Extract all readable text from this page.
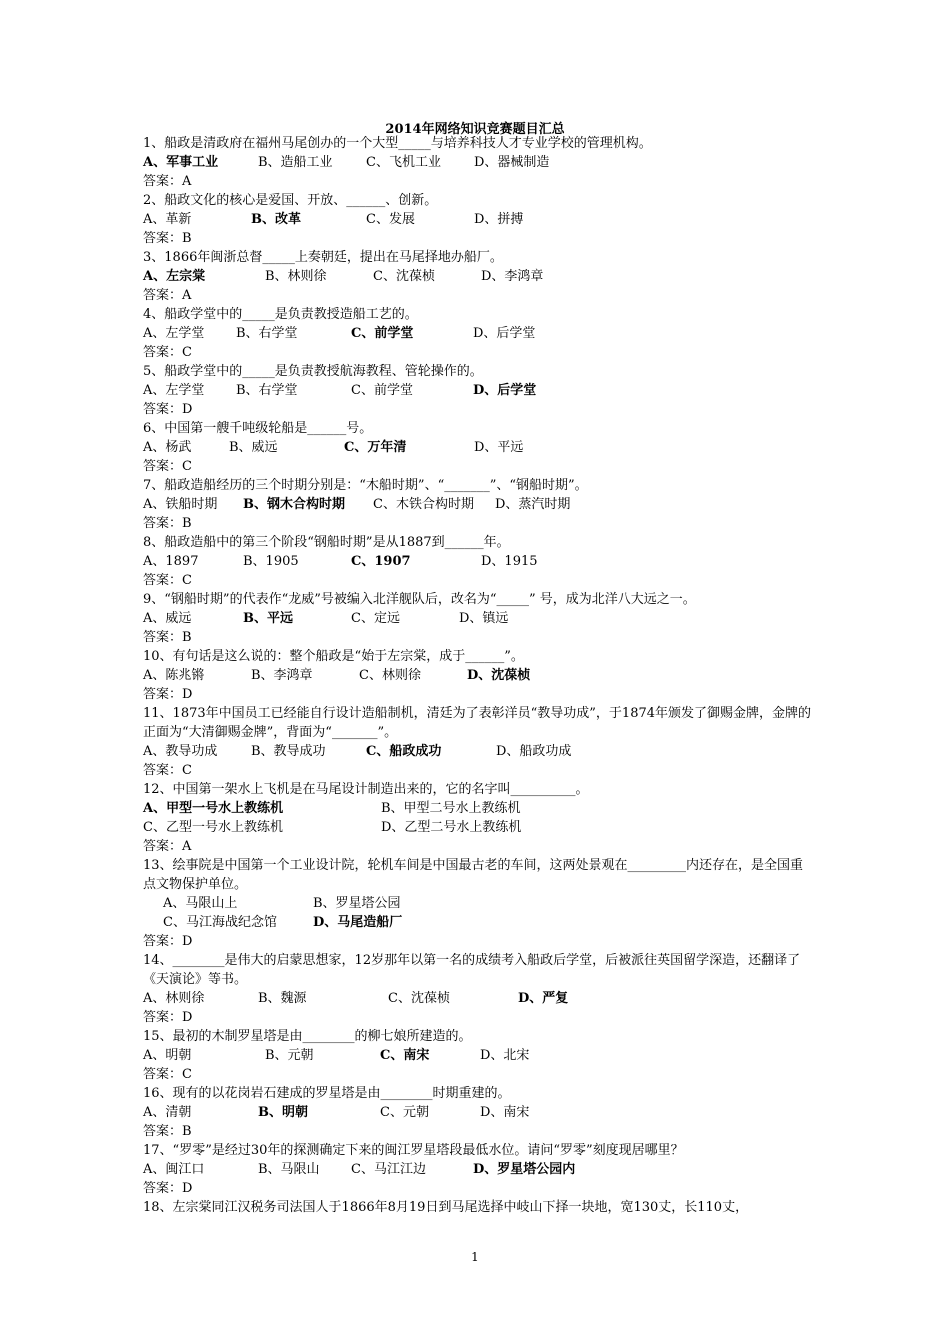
2014年网络知识竞赛题目汇总
1、船政是清政府在福州马尾创办的一个大型_____与培养科技人才专业学校的管理机构。
A、军事工业	B、造船工业	C、飞机工业	D、器械制造
答案：A
2、船政文化的核心是爱国、开放、______、创新。
A、革新	B、改革	C、发展	D、拼搏
答案：B
3、1866年闽浙总督_____上奏朝廷，提出在马尾择地办船厂。
A、左宗棠	B、林则徐	C、沈葆桢	D、李鸿章
答案：A
4、船政学堂中的_____是负责教授造船工艺的。
A、左学堂 B、右学堂	C、前学堂	D、后学堂
答案：C
5、船政学堂中的_____是负责教授航海教程、管轮操作的。
A、左学堂 B、右学堂	C、前学堂	D、后学堂
答案：D
6、中国第一艘千吨级轮船是______号。
A、杨武	B、威远	C、万年清	D、平远
答案：C
7、船政造船经历的三个时期分别是：“木船时期”、“_______”、“钢船时期”。
A、铁船时期 B、钢木合构时期 C、木铁合构时期 D、蒸汽时期
答案：B
8、船政造船中的第三个阶段“钢船时期”是从1887到______年。
A、1897	B、1905	C、1907	D、1915
答案：C
9、“钢船时期”的代表作“龙威”号被编入北洋舰队后，改名为“_____” 号，成为北洋八大远之一。
A、威远	B、平远	C、定远	D、镇远
答案：B
10、有句话是这么说的：整个船政是“始于左宗棠，成于______”。
A、陈兆锵	B、李鸿章	C、林则徐	D、沈葆桢
答案：D
11、1873年中国员工已经能自行设计造船制机，清廷为了表彰洋员“教导功成”，于1874年颁发了御赐金牌，金牌的正面为“大清御赐金牌”，背面为“_______”。
A、教导功成	B、教导成功	C、船政成功	D、船政功成
答案：C
12、中国第一架水上飞机是在马尾设计制造出来的，它的名字叫__________。
A、甲型一号水上教练机	B、甲型二号水上教练机
C、乙型一号水上教练机	D、乙型二号水上教练机
答案：A
13、绘事院是中国第一个工业设计院，轮机车间是中国最古老的车间，这两处景观在_________内还存在，是全国重点文物保护单位。
A、马限山上	B、罗星塔公园
C、马江海战纪念馆	D、马尾造船厂
答案：D
14、________是伟大的启蒙思想家，12岁那年以第一名的成绩考入船政后学堂，后被派往英国留学深造，还翻译了《天演论》等书。
A、林则徐	B、魏源	C、沈葆桢	D、严复
答案：D
15、最初的木制罗星塔是由________的柳七娘所建造的。
A、明朝	B、元朝	C、南宋	D、北宋
答案：C
16、现有的以花岗岩石建成的罗星塔是由________时期重建的。
A、清朝	B、明朝	C、元朝	D、南宋
答案：B
17、“罗零”是经过30年的探测确定下来的闽江罗星塔段最低水位。请问“罗零”刻度现居哪里？
A、闽江口	B、马限山 C、马江江边	D、罗星塔公园内
答案：D
18、左宗棠同江汉税务司法国人于1866年8月19日到马尾选择中岐山下择一块地，宽130丈，长110丈，
1
